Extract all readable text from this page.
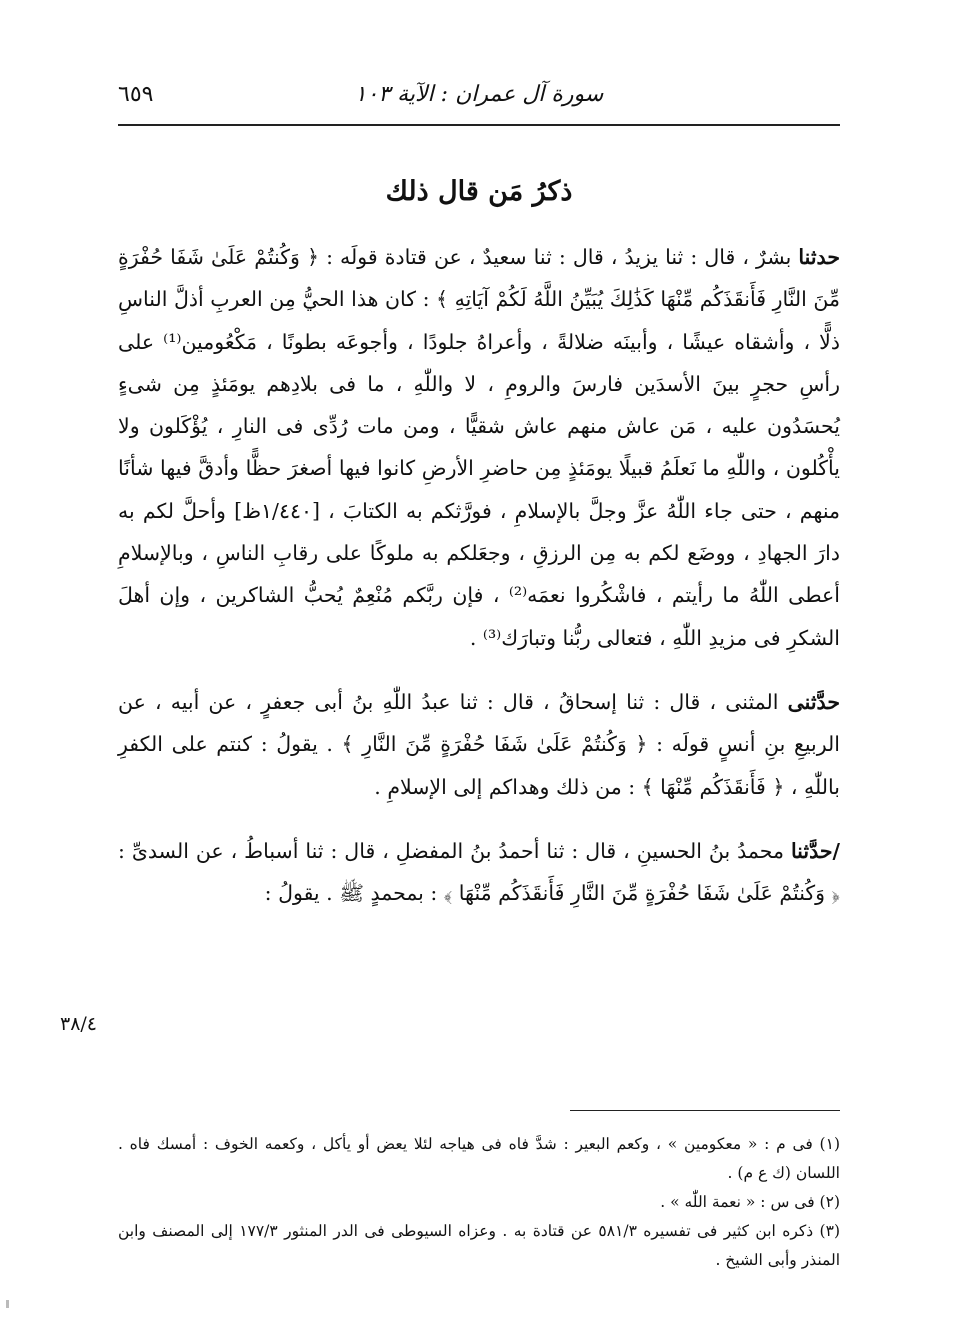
سورة آل عمران : الآية ١٠٣
٦٥٩
ذكرُ مَن قال ذلك

حدثنا بشرٌ ، قال : ثنا يزيدُ ، قال : ثنا سعيدٌ ، عن قتادة قولَه : ﴿ وَكُنتُمْ عَلَىٰ شَفَا حُفْرَةٍ مِّنَ النَّارِ فَأَنقَذَكُم مِّنْهَا كَذَٰلِكَ يُبَيِّنُ اللَّهُ لَكُمْ آيَاتِهِ ﴾ : كان هذا الحيُّ مِن العربِ أذلَّ الناسِ ذلًّا ، وأشقاه عيشًا ، وأبينَه ضلالةً ، وأعراهُ جلودًا ، وأجوعَه بطونًا ، مَكْعُومين⁽¹⁾ على رأسِ حجرٍ بينَ الأسدَين فارسَ والرومِ ، لا واللّٰهِ ، ما فى بلادِهم يومَئذٍ مِن شىءٍ يُحسَدُون عليه ، مَن عاش منهم عاش شقيًّا ، ومن مات رُدِّى فى النارِ ، يُؤْكَلون ولا يأْكُلون ، واللّٰهِ ما نَعلَمُ قبيلًا يومَئذٍ مِن حاضرِ الأرضِ كانوا فيها أصغرَ حظًّا وأدقَّ فيها شأنًا منهم ، حتى جاء اللّٰهُ عزَّ وجلَّ بالإسلامِ ، فورَّثكم به الكتابَ ، [١/٤٤٠ظ] وأحلَّ لكم به دارَ الجهادِ ، ووضَع لكم به مِن الرزقِ ، وجعَلكم به ملوكًا على رقابِ الناسِ ، وبالإسلامِ أعطى اللّٰهُ ما رأيتم ، فاشْكُروا نعمَه⁽²⁾ ، فإن ربَّكم مُنْعِمٌ يُحبُّ الشاكرين ، وإن أهلَ الشكرِ فى مزيدِ اللّٰهِ ، فتعالى ربُّنا وتبارَك⁽³⁾ .

حدَّثنى المثنى ، قال : ثنا إسحاقُ ، قال : ثنا عبدُ اللّٰهِ بنُ أبى جعفرٍ ، عن أبيه ، عن الربيعِ بنِ أنسٍ قولَه : ﴿ وَكُنتُمْ عَلَىٰ شَفَا حُفْرَةٍ مِّنَ النَّارِ ﴾ . يقولُ : كنتم على الكفرِ باللّٰهِ ، ﴿ فَأَنقَذَكُم مِّنْهَا ﴾ : من ذلك وهداكم إلى الإسلامِ .

/حدَّثنا محمدُ بنُ الحسينِ ، قال : ثنا أحمدُ بنُ المفضلِ ، قال : ثنا أسباطُ ، عن السدىِّ : ﴿ وَكُنتُمْ عَلَىٰ شَفَا حُفْرَةٍ مِّنَ النَّارِ فَأَنقَذَكُم مِّنْهَا ﴾ : بمحمدٍ ﷺ . يقولُ :

٣٨/٤

(١) فى م : « معكومين » ، وكعم البعير : شدَّ فاه فى هياجه لئلا يعض أو يأكل ، وكعمه الخوف : أمسك فاه . اللسان (ك ع م) .

(٢) فى س : « نعمة اللّٰه » .

(٣) ذكره ابن كثير فى تفسيره ٥٨١/٣ عن قتادة به . وعزاه السيوطى فى الدر المنثور ١٧٧/٣ إلى المصنف وابن المنذر وأبى الشيخ .
